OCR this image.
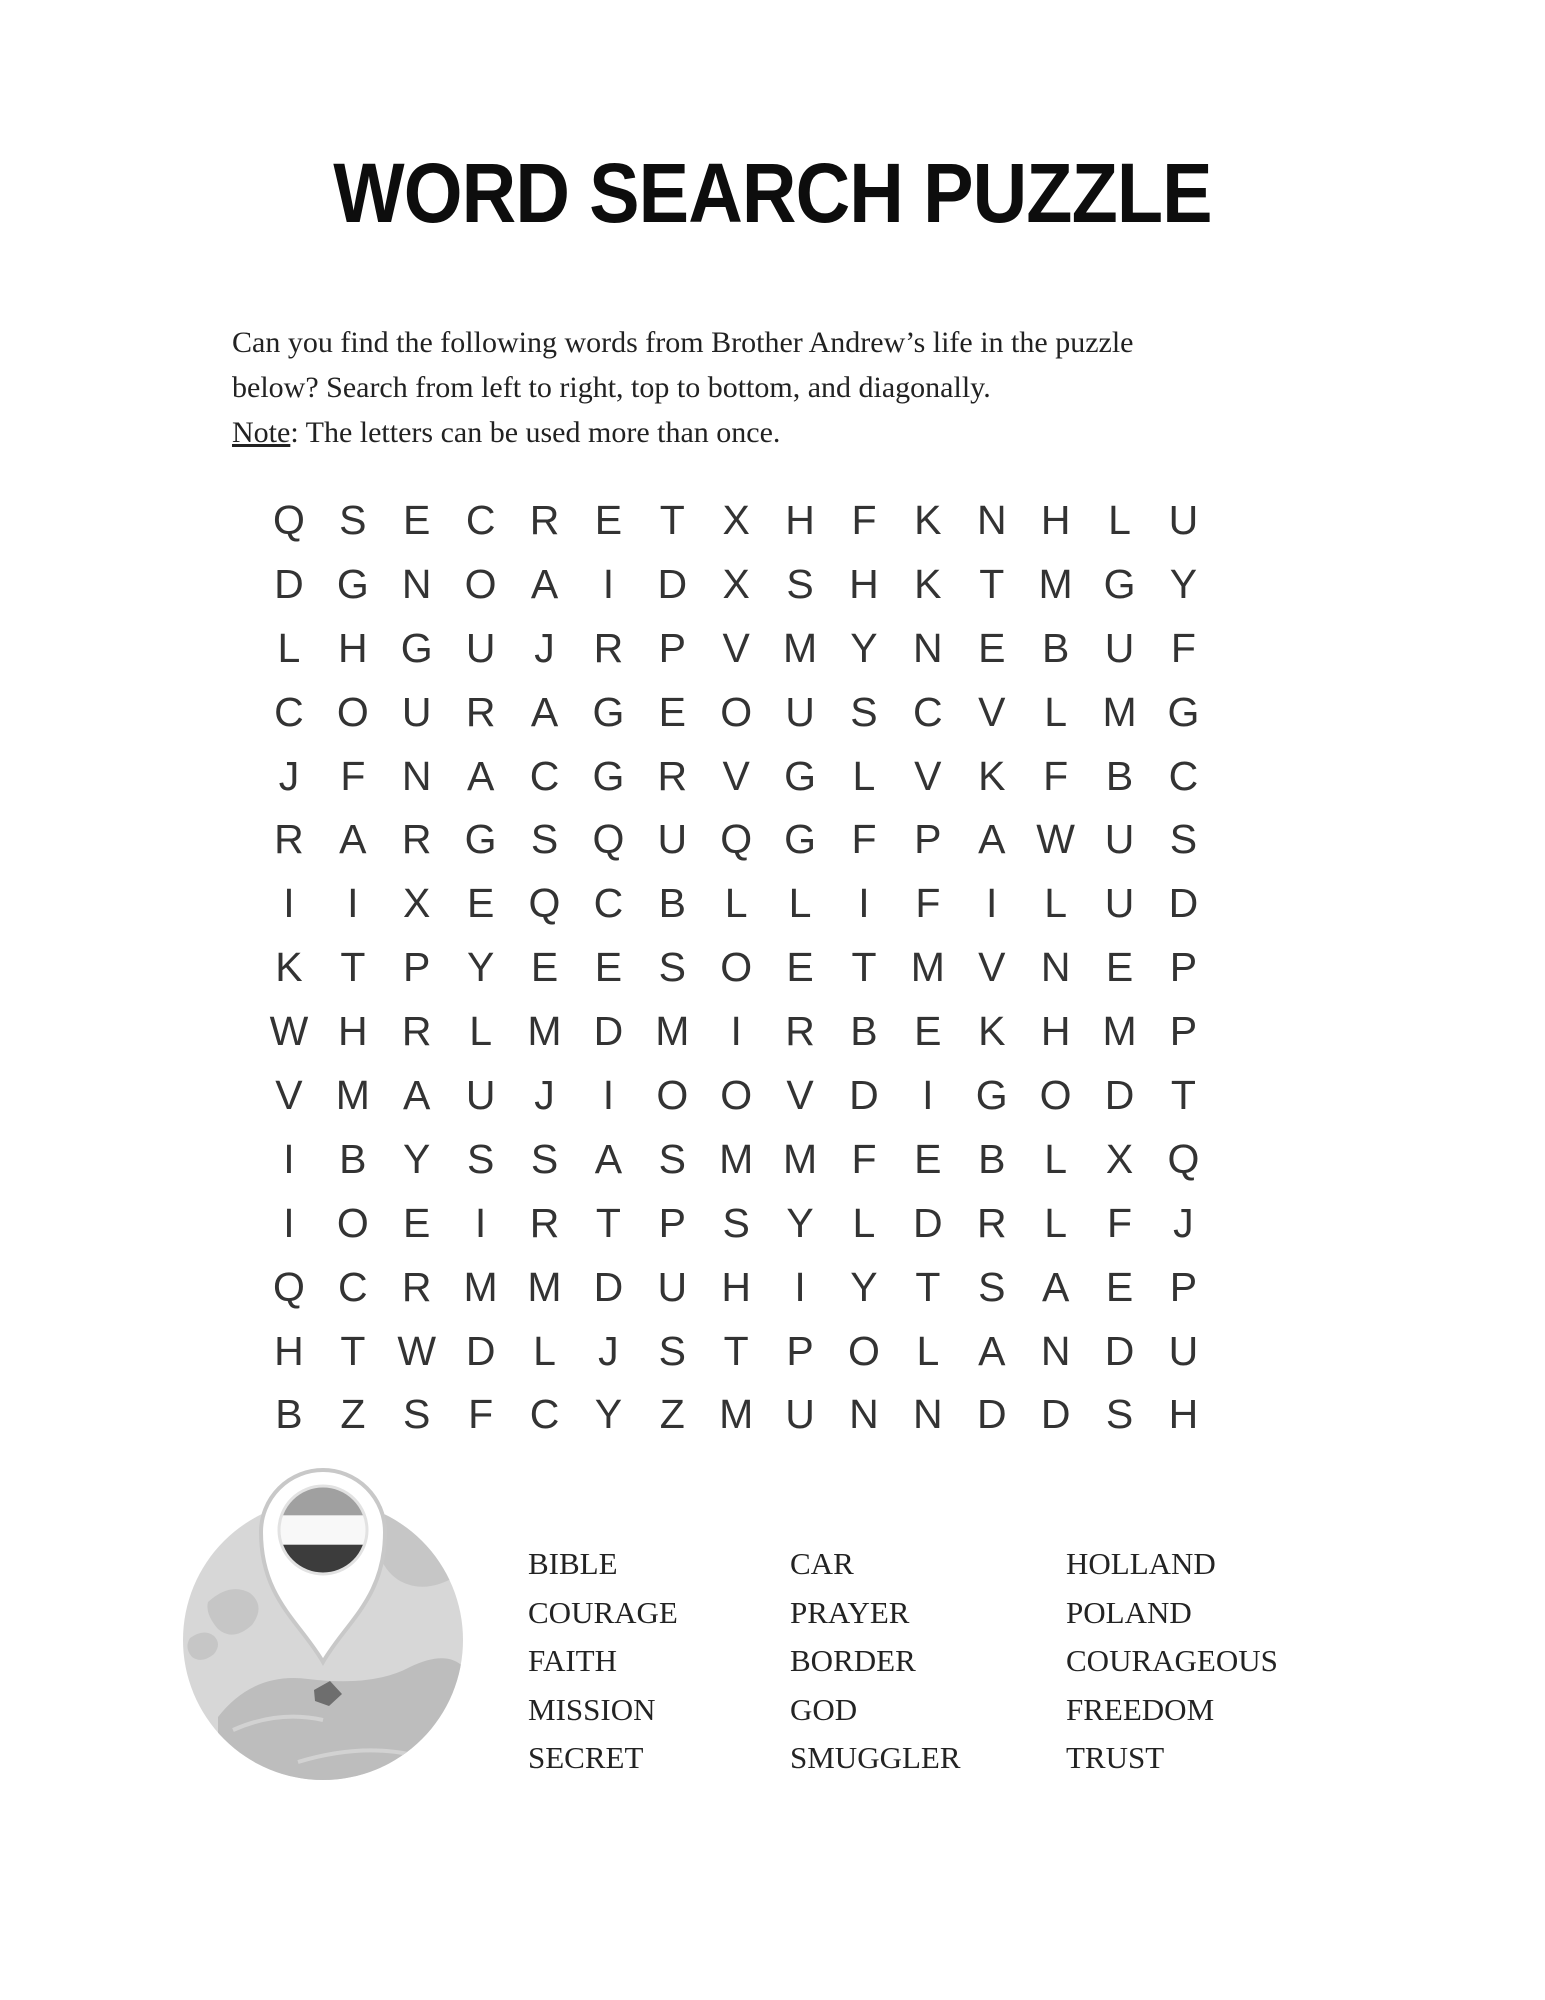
WORD SEARCH PUZZLE
Can you find the following words from Brother Andrew’s life in the puzzle
below? Search from left to right, top to bottom, and diagonally.
Note: The letters can be used more than once.
Q S E C R E T X H F K N H L U
D G N O A	I	D X S H K T M G Y
L H G U J R P V M Y N E B U F
C O U R A G E O U S C V L M G
J	F N A C G R V G L V K F B C
R A R G S Q U Q G F P A W U S
I	I	X E Q C B L	L	I	F	I	L U D
K T P Y E E S O E T M V N E P
W H R L M D M	I	R B E K H M P
V M A U J	I	O O V D	I	G O D T
I	B Y S S A S M M F E B L X Q
I	O E	I	R T P S Y L D R L F	J
Q C R M M D U H	I	Y T S A E P
H T W D L	J S T P O L A N D U
B Z S F C Y Z M U N N D D S H
BIBLE
COURAGE
FAITH
MISSION
SECRET
CAR
PRAYER
BORDER
GOD
SMUGGLER
HOLLAND
POLAND
COURAGEOUS
FREEDOM
TRUST
